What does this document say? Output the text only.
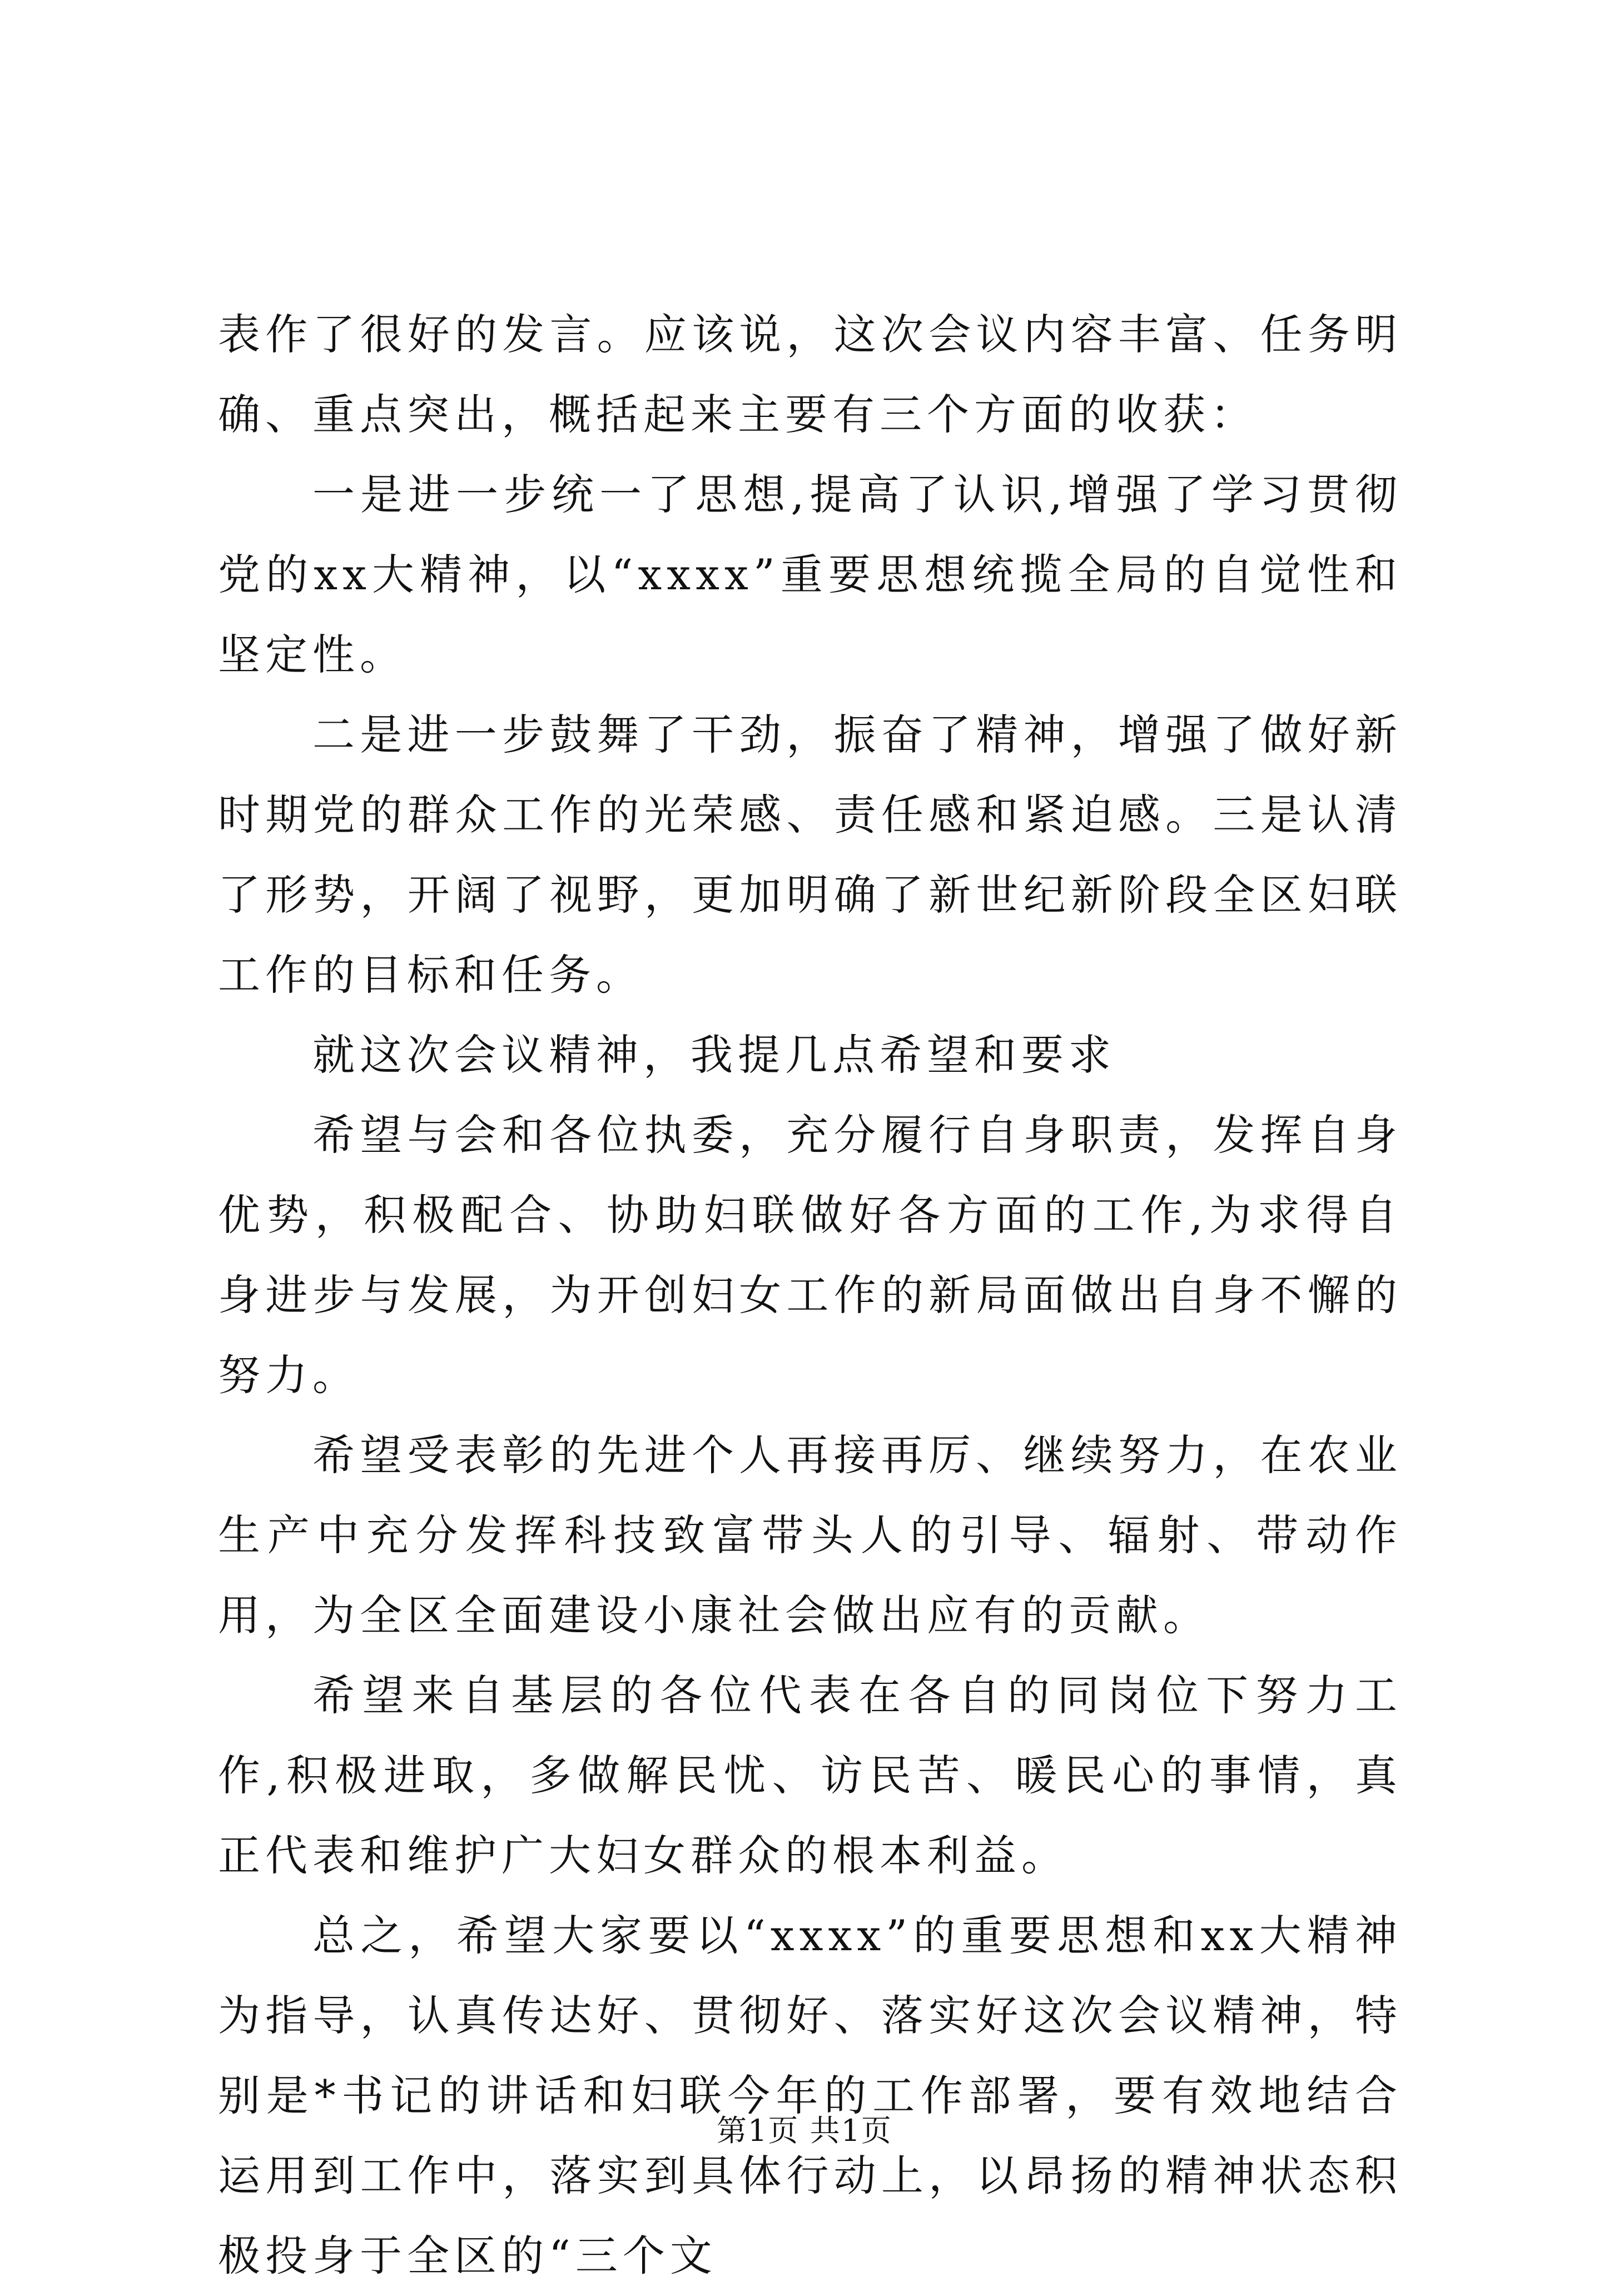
表作了很好的发言。应该说，这次会议内容丰富、任务明确、重点突出，概括起来主要有三个方面的收获：

一是进一步统一了思想,提高了认识,增强了学习贯彻党的xx大精神，以“xxxx”重要思想统揽全局的自觉性和坚定性。

二是进一步鼓舞了干劲，振奋了精神，增强了做好新时期党的群众工作的光荣感、责任感和紧迫感。三是认清了形势，开阔了视野，更加明确了新世纪新阶段全区妇联工作的目标和任务。

就这次会议精神，我提几点希望和要求

希望与会和各位执委，充分履行自身职责，发挥自身优势，积极配合、协助妇联做好各方面的工作,为求得自身进步与发展，为开创妇女工作的新局面做出自身不懈的努力。

希望受表彰的先进个人再接再厉、继续努力，在农业生产中充分发挥科技致富带头人的引导、辐射、带动作用，为全区全面建设小康社会做出应有的贡献。

希望来自基层的各位代表在各自的同岗位下努力工作,积极进取，多做解民忧、访民苦、暖民心的事情，真正代表和维护广大妇女群众的根本利益。

总之，希望大家要以“xxxx”的重要思想和xx大精神为指导，认真传达好、贯彻好、落实好这次会议精神，特别是*书记的讲话和妇联今年的工作部署，要有效地结合运用到工作中，落实到具体行动上，以昂扬的精神状态积极投身于全区的“三个文

第1页 共1页
